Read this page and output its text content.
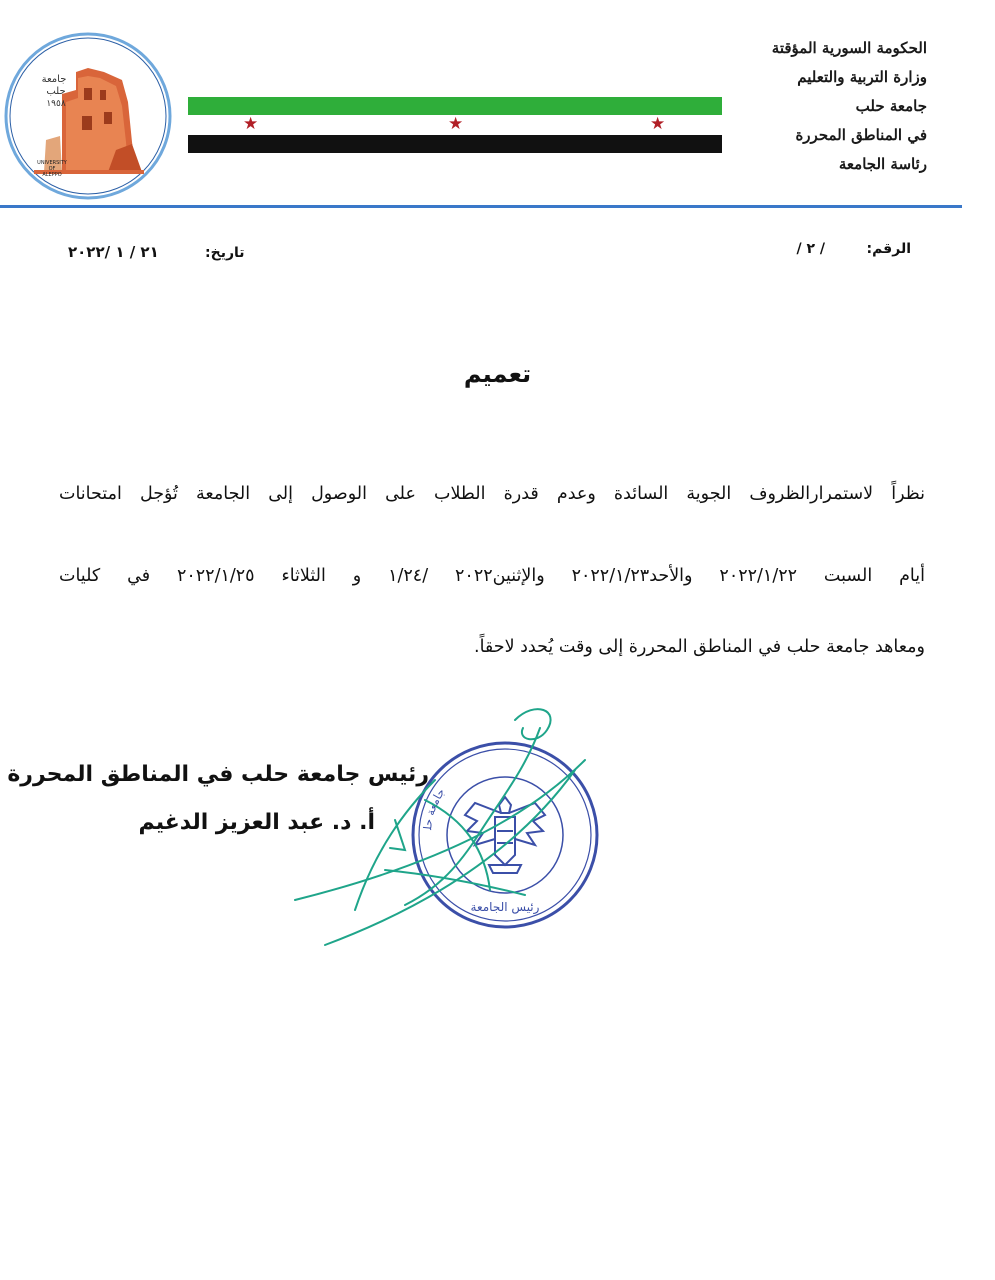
الحكومة السورية المؤقتة
وزارة التربية والتعليم
جامعة حلب
في المناطق المحررة
رئاسة الجامعة
★	★	★
جامعة
حلب
١٩٥٨
UNIVERSITY
OF
ALEPPO
الرقم:
/ ٢ /
تاريخ:
٢١ / ١ /٢٠٢٢
تعميم
نظراً لاستمرارالظروف الجوية السائدة وعدم قدرة الطلاب على الوصول إلى الجامعة تُؤجل امتحانات
أيام السبت ٢٠٢٢/١/٢٢ والأحد٢٠٢٢/١/٢٣ والإثنين٢٠٢٢ /١/٢٤ و الثلاثاء ٢٠٢٢/١/٢٥ في كليات
ومعاهد جامعة حلب في المناطق المحررة إلى وقت يُحدد لاحقاً.
جامعة حل
رئيس الجامعة
رئيس جامعة حلب في المناطق المحررة
أ. د. عبد العزيز الدغيم
